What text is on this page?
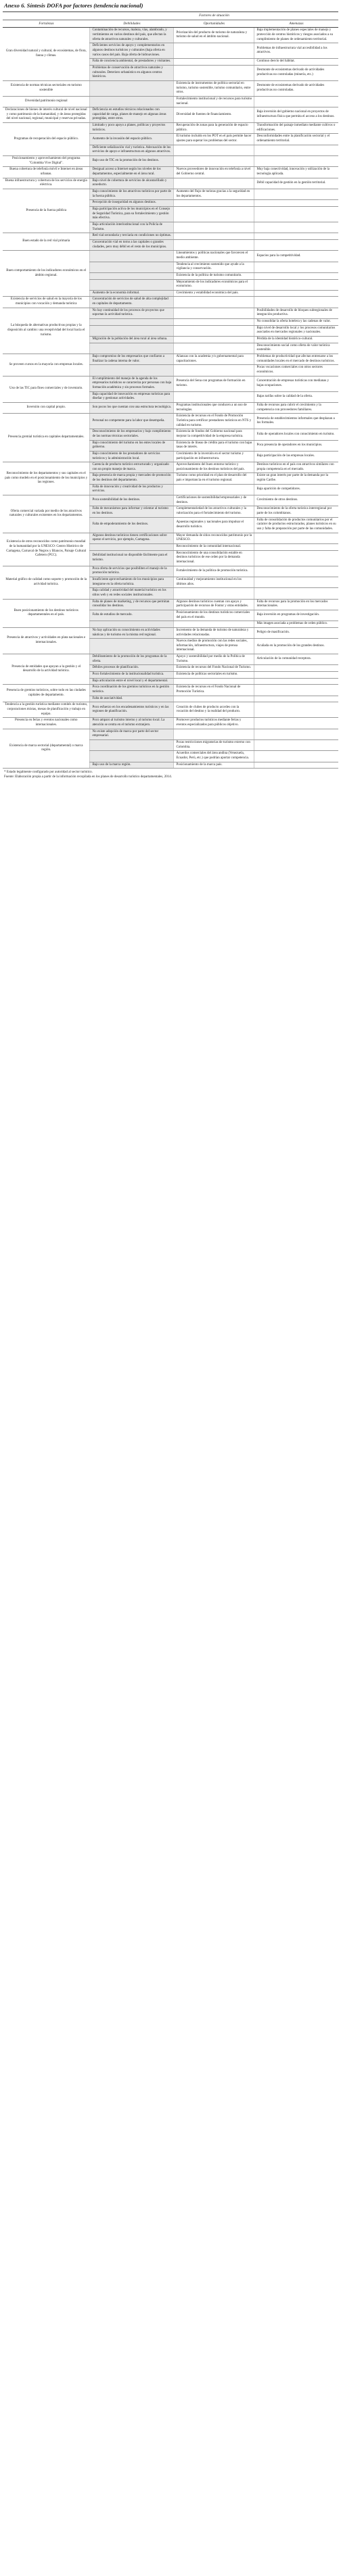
Anexo 6. Síntesis DOFA por factores (tendencia nacional)
	Factores de situación		
Fortalezas	Debilidades	Oportunidades	Amenazas
Gran diversidad natural y cultural, de ecosistemas, de flora, fauna y climas.	Contaminación de recursos, maleza, vías, alambrado, y vertimientos en varios destinos del país, que afectan la oferta de atractivos naturales y culturales.	Priorización del producto de turismo de naturaleza y turismo de salud en el ámbito nacional.	Baja implementación de planes especiales de manejo y protección de centros históricos y riesgos asociados a su cumplimiento de planes de ordenamiento territorial.
	Deficientes servicios de apoyo y complementarios en algunos destinos turísticos y culturales (baja oferta en varios casos del país. Baja oferta de hidroaviones.		Problemas de infraestructura vial accesibilidad a los atractivos.
	Falta de conciencia ambiental, de prestadores y visitantes.		Continuo desvío del hábitat.
	Problemas de conservación de atractivos naturales y culturales. Deterioro urbanístico en algunos centros históricos.		Desmonte de ecosistemas derivado de actividades productivas no controladas (minería, etc.)
Existencia de normas técnicas sectoriales en turismo sostenible		Existencia de instrumentos de política sectorial en turismo, turismo sostenible, turismo comunitario, entre otros.	Desmonte de ecosistemas derivado de actividades productivas no controladas.
Diversidad patrimonio regional		Fortalecimiento institucional y de recursos para turismo nacional.	
Declaraciones de bienes de interés cultural de nivel nacional y como patrimonio de la humanidad, y de áreas protegidas del nivel nacional, regional, municipal y reservas privadas.	Deficiencia en estudios técnicos relacionados con capacidad de carga, planes de manejo en algunas áreas protegidas, entre otros.	Diversidad de fuentes de financiamiento.	Baja inversión del gobierno nacional en proyectos de infraestructura física que permita el acceso a los destinos.
Programas de recuperación del espacio público.	Limitado y poco apoyo a planes, políticas y proyectos turísticos.	Recuperación de zonas para la generación de espacio público.	Transformación del paisaje inmediato mediante cultivos o edificaciones.
	Aumento de la invasión del espacio público.	El turismo incluido en los POT en el país permite hacer ajustes para superar los problemas del sector.	Desconformidades entre la planificación sectorial y el ordenamiento territorial.
	Deficiente señalización vial y turística. Adecuación de los servicios de apoyo e infraestructura en algunos atractivos.		
Posicionamiento y aprovechamiento del programa "Colombia Vive Digital".	Bajo uso de TIC en la promoción de los destinos.		
Buena cobertura de telefonía móvil e Internet en áreas urbanas.	Desigual acceso a Internet según los niveles de los departamentos, especialmente en el área rural.	Nuevos proveedores de innovación en telefonía a nivel del Gobierno central.	Muy baja conectividad, innovación y utilización de la tecnología aplicada.
Buena infraestructura y cobertura de los servicios de energía eléctrica.	Bajo nivel de cobertura de servicios de alcantarillado y acueducto.		Débil capacidad de gestión en la gestión territorial.
Presencia de la fuerza pública	Bajo conocimiento de los atractivos turísticos por parte de la fuerza pública.	Aumento del flujo de turistas gracias a la seguridad en los departamentos.	
	Percepción de inseguridad en algunos destinos.		
	Baja participación activa de los municipios en el Consejo de Seguridad Turística, para su fortalecimiento y gestión más efectiva.		
	Baja articulación interinstitucional con la Policía de Turismo.		
Buen estado de la red vial primaria	Red vial secundaria y terciaria en condiciones no óptimas.		
	Concentración vial en torno a las capitales o grandes ciudades, pero muy débil en el resto de los municipios.		
Buen comportamiento de los indicadores económicos en el ámbito regional.		Lineamientos y políticas nacionales que favorecen el medio ambiente.	Espacios para la competitividad.
		Tendencia al crecimiento sostenido que ayude a la vigilancia y conservación.	
		Existencia de la política de turismo comunitario.	
		Mejoramiento de los indicadores económicos para el ecoturismo.	
	Aumento de la economía informal.	Crecimiento y estabilidad económica del país.	
Existencia de servicios de salud en la mayoría de los municipios con vocación y demanda turística	Concentración de servicios de salud de alta complejidad en capitales de departamento.		
La búsqueda de alternativas productivas propias y la disposición al cambio: una receptividad del local hacia el turismo.	No hay continuidad de los procesos de proyectos que soportan la actividad turística.		Posibilidades de desarrollo de bloques subregionales de integración productiva.
			No consolidar la oferta hotelera y las cadenas de valor.
			Bajo nivel de desarrollo local y los procesos comunitarios asociados en mercados regionales y nacionales.
	Migración de la población del área rural al área urbana.		Pérdida de la identidad histórico-cultural.
			Desconocimiento social como oferta de valor turística sostenible.
Se proveen cursos en la mayoría con empresas locales.	Bajo compromiso de los empresarios que confiaron a finalizar la cadena interna de valor.	Alianzas con la academia y/o gubernamental para capacitaciones.	Problemas de productividad que afectan entrenarse a los comunidades locales en el mercado de destinos turísticos.
			Pocas vocaciones comerciales con otros sectores económicos.
Uso de las TIC para fines comerciales y de inventario.	El cumplimiento del manejo de la agenda de los empresarios turísticos se caracteriza por personas con baja formación académica y sin procesos formales.	Presencia del Sena con programas de formación en turismo.	Concentración de empresas turísticas con medianas y bajas ocupaciones.
	Baja capacidad de innovación en empresas turísticas para diseñar y gestionar actividades.		Bajas tarifas sobre la calidad de la oferta.
Inversión con capital propio.	Son pocos los que cuentan con una estructura tecnológica.	Programas institucionales que conducen a un uso de tecnologías.	Falta de recursos para cubrir el crecimiento y la competencia con proveedores familiares.
Presencia gremial turística en capitales departamentales.	Personal no competente para la labor que desempeña.	Existencia de recursos en el Fondo de Promoción Turística para certificar prestadores turísticos en NTS y calidad en turismo.	Presencia de establecimientos informales que desplazan a los formales.
	Desconocimiento de los empresarios y bajo cumplimiento de las normas técnicas sectoriales.	Existencia de fondos del Gobierno nacional para mejorar la competitividad de la empresa turística.	Falta de operadores locales con conocimiento en turismo.
	Bajo conocimiento del turismo en los entes locales de gobierno.	Existencia de líneas de crédito para el turismo con bajas tasas de interés.	Poca presencia de operadores en los municipios.
	Bajo conocimiento de los prestadores de servicios turísticos y la administración local.	Crecimiento de la inversión en el sector turismo y participación en infraestructura.	Baja participación de las empresas locales.
Reconocimiento de los departamentos y sus capitales en el país como modelo en el posicionamiento de los municipios y las regiones.	Carencia de producto turístico estructurado y organizado con un propio manejo de marca.	Aprovechamiento del buen entorno turístico y posicionamiento de los destinos turísticos del país.	Destinos turísticos en el país con atractivos similares con propia competencia en el mercado.
	Baja presencia de marca propia y mercadeo de promoción de los destinos del departamento.	Turismo como prioridad en el plan de desarrollo del país e importancia en el turismo regional.	Existe un gran interés por parte de la demanda por la región Caribe.
	Falta de innovación y creatividad de los productos y servicios.		Baja aparición de competidores.
Oferta comercial variada por medio de los atractivos naturales y culturales existentes en los departamentos.	Poca sostenibilidad de los destinos.	Certificaciones de sostenibilidad empresariales y de destinos.	Crecimiento de otros destinos.
	Falta de mecanismos para informar y orientar al turismo en los destinos.	Complementariedad de los atractivos culturales y la valorización para el fortalecimiento del turismo.	Desconocimiento de la oferta turística interregional por parte de los colombianos.
	Falta de empoderamiento de los destinos.	Apuestas regionales y nacionales para impulsar el desarrollo turístico.	Falta de consolidación de productos comunitarios por el carácter de productos estructurados, planes turísticos en su uso y falta de preparación por parte de las comunidades.
Existencia de otros reconocidos como patrimonio mundial de la humanidad por la UNESCO: Centro Histórico de Cartagena, Carnaval de Negros y Blancos, Paisaje Cultural Cafetero (PCC).	Algunos destinos turísticos tienen certificaciones sobre operar el servicio, por ejemplo, Cartagena.	Mayor demanda de sitios reconocidos patrimonio por la UNESCO.	
		Reconocimiento de la comunidad internacional.	
	Debilidad institucional no disponible fácilmente para el turismo.	Reconocimiento de una consolidación estable en destinos turísticos de ese orden por la demanda internacional.	
Material gráfico de calidad como soporte y promoción de la actividad turística.	Poca oferta de servicios que posibiliten el manejo de la promoción turística.	Fortalecimiento de la política de promoción turística.	
	Insuficiente aprovechamiento de los municipios para integrarse en la oferta turística.	Continuidad y mejoramiento institucional en los últimos años.	
	Baja calidad y atractividad del material turístico en los sitios web y en redes sociales institucionales.		
Buen posicionamiento de los destinos turísticos departamentales en el país.	Falta de planes de marketing, y de recursos que permitan consolidar los destinos.	Algunos destinos turísticos cuentan con apoyo y participación de recursos de Fontur y otras entidades.	Falta de recursos para la promoción en los mercados internacionales.
	Falta de estudios de mercado.	Posicionamiento de los destinos turísticos comerciales del país en el mundo.	Baja inversión en programas de investigación.
			Más imagen asociada a problemas de orden público.
Presencia de atractivos y actividades en plata nacionales e internacionales.	No hay aplicación su conocimiento en actividades náuticas y de turismo en la misma red regional.	Incremento de la demanda de turismo de naturaleza y actividades relacionadas.	Peligro de masificación.
		Nuevos medios de promoción con las redes sociales, información, infraestructura, viajes de prensa internacional.	Acuñada en la promoción de los grandes destinos.
Presencia de entidades que apoyan a la gestión y el desarrollo de la actividad turística.	Debilitamiento de la promoción de los programas de la oferta.	Apoyo y sostenibilidad por medio de la Política de Turismo.	Articulación de la comunidad receptora.
	Débiles procesos de planificación.	Existencia de recursos del Fondo Nacional de Turismo.	
	Poco fortalecimiento de la institucionalidad turística.	Existencia de políticas sectoriales en turismo.	
	Baja articulación entre el nivel local y el departamental.		
Presencia de gremios turísticos, sobre todo en las ciudades capitales de departamento.	Poca coordinación de los gremios turísticos en la gestión turística.	Existencia de recursos en el Fondo Nacional de Promoción Turística.	
	Falta de asociatividad.		
Tendencia a la gestión turística mediante comités de turismo, corporaciones mixtas, mesas de planificación y trabajo en equipo.	Poco esfuerzo en los encadenamientos turísticos y en las regiones de planificación.	Creación de clubes de producto acordes con la vocación del destino y la realidad del producto.	
Presencia en ferias y eventos nacionales como internacionales.	Poco amparo al turismo interno y al turismo local. La atención se centra en el turismo extranjero.	Promover productos turísticos mediante ferias y eventos especializados para públicos objetivo.	
Existencia de marca sectorial (departamental) o marca región.	No existe adopción de marca por parte del sector empresarial.		
		Pocas restricciones migratorias de turismo externo con Colombia.	
		Acuerdos comerciales del área andina (Venezuela, Ecuador, Perú, etc.) que podrían aportar competencia.	
	Bajo uso de la marca región.	Posicionamiento de la marca país.	
* Estado legalmente configurado por autoridad al sector turístico.
Fuente: Elaboración propia a partir de la información recopilada en los planes de desarrollo turístico departamentales, 2014.
